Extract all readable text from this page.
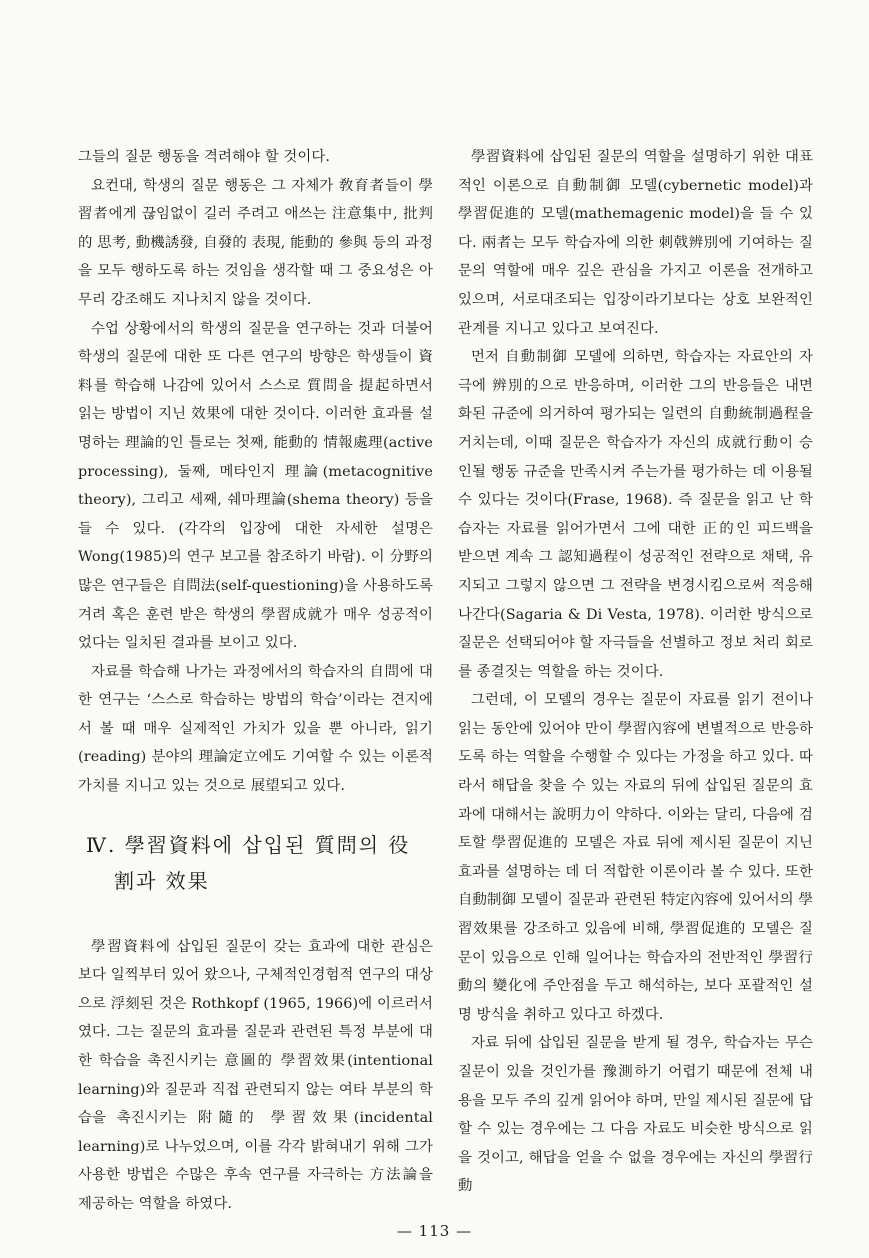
그들의 질문 행동을 격려해야 할 것이다.

요컨대, 학생의 질문 행동은 그 자체가 敎育者들이 學習者에게 끊임없이 길러 주려고 애쓰는 注意集中, 批判的 思考, 動機誘發, 自發的 表現, 能動的 參與 등의 과정을 모두 행하도록 하는 것임을 생각할 때 그 중요성은 아무리 강조해도 지나치지 않을 것이다.

수업 상황에서의 학생의 질문을 연구하는 것과 더불어 학생의 질문에 대한 또 다른 연구의 방향은 학생들이 資料를 학습해 나감에 있어서 스스로 質問을 提起하면서 읽는 방법이 지닌 效果에 대한 것이다. 이러한 효과를 설명하는 理論的인 틀로는 첫째, 能動的 情報處理(active processing), 둘째, 메타인지 理論(metacognitive theory), 그리고 세째, 쉐마理論(shema theory) 등을 들 수 있다. (각각의 입장에 대한 자세한 설명은 Wong(1985)의 연구 보고를 참조하기 바람). 이 分野의 많은 연구들은 自問法(self-questioning)을 사용하도록 겨려 혹은 훈련 받은 학생의 學習成就가 매우 성공적이었다는 일치된 결과를 보이고 있다.

자료를 학습해 나가는 과정에서의 학습자의 自問에 대한 연구는 ‘스스로 학습하는 방법의 학습’이라는 견지에서 볼 때 매우 실제적인 가치가 있을 뿐 아니라, 읽기(reading) 분야의 理論定立에도 기여할 수 있는 이론적 가치를 지니고 있는 것으로 展望되고 있다.

Ⅳ. 學習資料에 삽입된 質問의 役
割과 效果

學習資料에 삽입된 질문이 갖는 효과에 대한 관심은 보다 일찍부터 있어 왔으나, 구체적인경험적 연구의 대상으로 浮刻된 것은 Rothkopf (1965, 1966)에 이르러서였다. 그는 질문의 효과를 질문과 관련된 특정 부분에 대한 학습을 촉진시키는 意圖的 學習效果(intentional learning)와 질문과 직접 관련되지 않는 여타 부분의 학습을 촉진시키는 附隨的 學習效果(incidental learning)로 나누었으며, 이를 각각 밝혀내기 위해 그가 사용한 방법은 수많은 후속 연구를 자극하는 方法論을 제공하는 역할을 하였다.

學習資料에 삽입된 질문의 역할을 설명하기 위한 대표적인 이론으로 自動制御 모델(cybernetic model)과 學習促進的 모델(mathemagenic model)을 들 수 있다. 兩者는 모두 학습자에 의한 刺戟辨別에 기여하는 질문의 역할에 매우 깊은 관심을 가지고 이론을 전개하고 있으며, 서로대조되는 입장이라기보다는 상호 보완적인 관계를 지니고 있다고 보여진다.

먼저 自動制御 모델에 의하면, 학습자는 자료안의 자극에 辨別的으로 반응하며, 이러한 그의 반응들은 내면화된 규준에 의거하여 평가되는 일련의 自動統制過程을 거치는데, 이때 질문은 학습자가 자신의 成就行動이 승인될 행동 규준을 만족시켜 주는가를 평가하는 데 이용될 수 있다는 것이다(Frase, 1968). 즉 질문을 읽고 난 학습자는 자료를 읽어가면서 그에 대한 正的인 피드백을 받으면 계속 그 認知過程이 성공적인 전략으로 채택, 유지되고 그렇지 않으면 그 전략을 변경시킴으로써 적응해 나간다(Sagaria & Di Vesta, 1978). 이러한 방식으로 질문은 선택되어야 할 자극들을 선별하고 정보 처리 회로를 종결짓는 역할을 하는 것이다.

그런데, 이 모델의 경우는 질문이 자료를 읽기 전이나 읽는 동안에 있어야 만이 學習內容에 변별적으로 반응하도록 하는 역할을 수행할 수 있다는 가정을 하고 있다. 따라서 해답을 찾을 수 있는 자료의 뒤에 삽입된 질문의 효과에 대해서는 說明力이 약하다. 이와는 달리, 다음에 검토할 學習促進的 모델은 자료 뒤에 제시된 질문이 지닌 효과를 설명하는 데 더 적합한 이론이라 볼 수 있다. 또한 自動制御 모델이 질문과 관련된 特定內容에 있어서의 學習效果를 강조하고 있음에 비해, 學習促進的 모델은 질문이 있음으로 인해 일어나는 학습자의 전반적인 學習行動의 變化에 주안점을 두고 해석하는, 보다 포괄적인 설명 방식을 취하고 있다고 하겠다.

자료 뒤에 삽입된 질문을 받게 될 경우, 학습자는 무슨 질문이 있을 것인가를 豫測하기 어렵기 때문에 전체 내용을 모두 주의 깊게 읽어야 하며, 만일 제시된 질문에 답할 수 있는 경우에는 그 다음 자료도 비슷한 방식으로 읽을 것이고, 해답을 얻을 수 없을 경우에는 자신의 學習行動

— 113 —
